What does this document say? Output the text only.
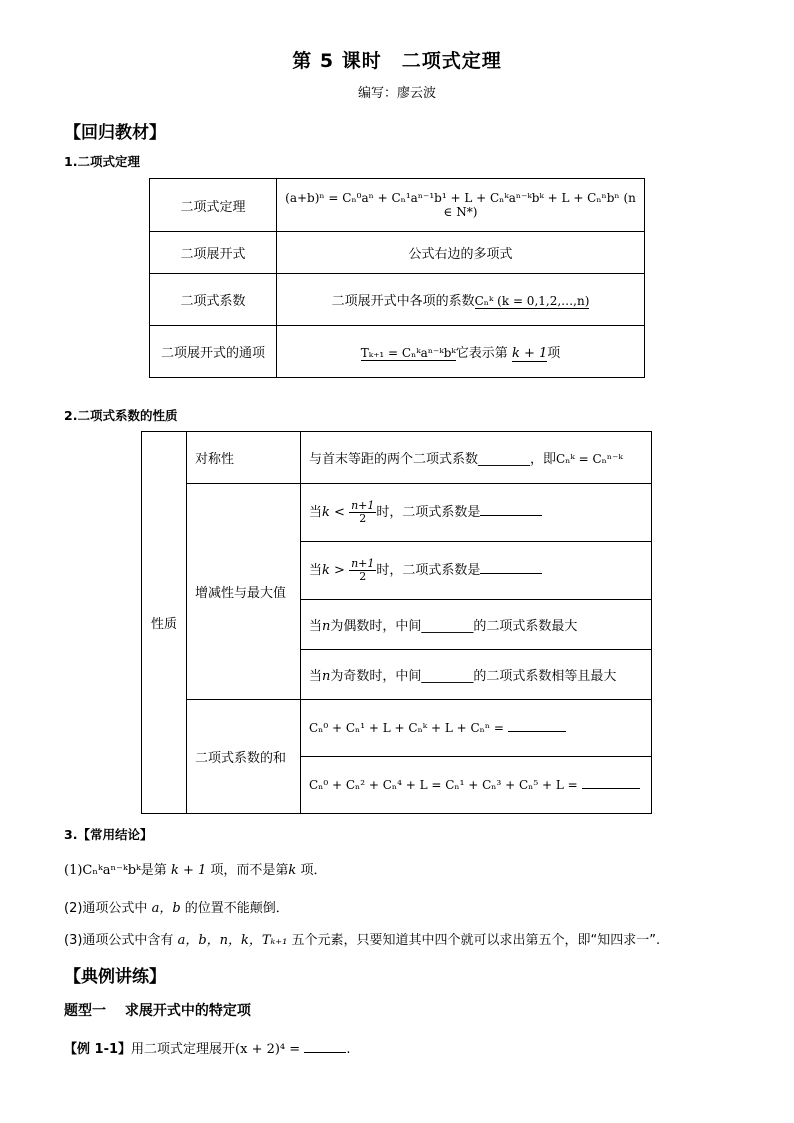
第 5 课时　二项式定理
编写：廖云波
【回归教材】
1.二项式定理
二项式定理	(a+b)ⁿ = Cₙ⁰aⁿ + Cₙ¹aⁿ⁻¹b¹ + L + Cₙᵏaⁿ⁻ᵏbᵏ + L + Cₙⁿbⁿ (n ∈ N*)
二项展开式	公式右边的多项式
二项式系数	二项展开式中各项的系数Cₙᵏ (k = 0,1,2,…,n)
二项展开式的通项	Tₖ₊₁ = Cₙᵏaⁿ⁻ᵏbᵏ它表示第 k + 1项
2.二项式系数的性质
性质	对称性	与首末等距的两个二项式系数________，即Cₙᵏ = Cₙⁿ⁻ᵏ
	增减性与最大值	当$k < \frac{n+1}{2}$ 时，二项式系数是
		当$k > \frac{n+1}{2}$ 时，二项式系数是
		当n为偶数时，中间________的二项式系数最大
		当n为奇数时，中间________的二项式系数相等且最大
	二项式系数的和	Cₙ⁰ + Cₙ¹ + L + Cₙᵏ + L + Cₙⁿ =
		Cₙ⁰ + Cₙ² + Cₙ⁴ + L = Cₙ¹ + Cₙ³ + Cₙ⁵ + L =
3.【常用结论】
(1)Cₙᵏaⁿ⁻ᵏbᵏ是第 k + 1 项，而不是第k 项．
(2)通项公式中 a，b 的位置不能颠倒．
(3)通项公式中含有 a，b，n，k，Tₖ₊₁ 五个元素，只要知道其中四个就可以求出第五个，即“知四求一”.
【典例讲练】
题型一　 求展开式中的特定项
【例 1-1】用二项式定理展开(x + 2)⁴ =	.
